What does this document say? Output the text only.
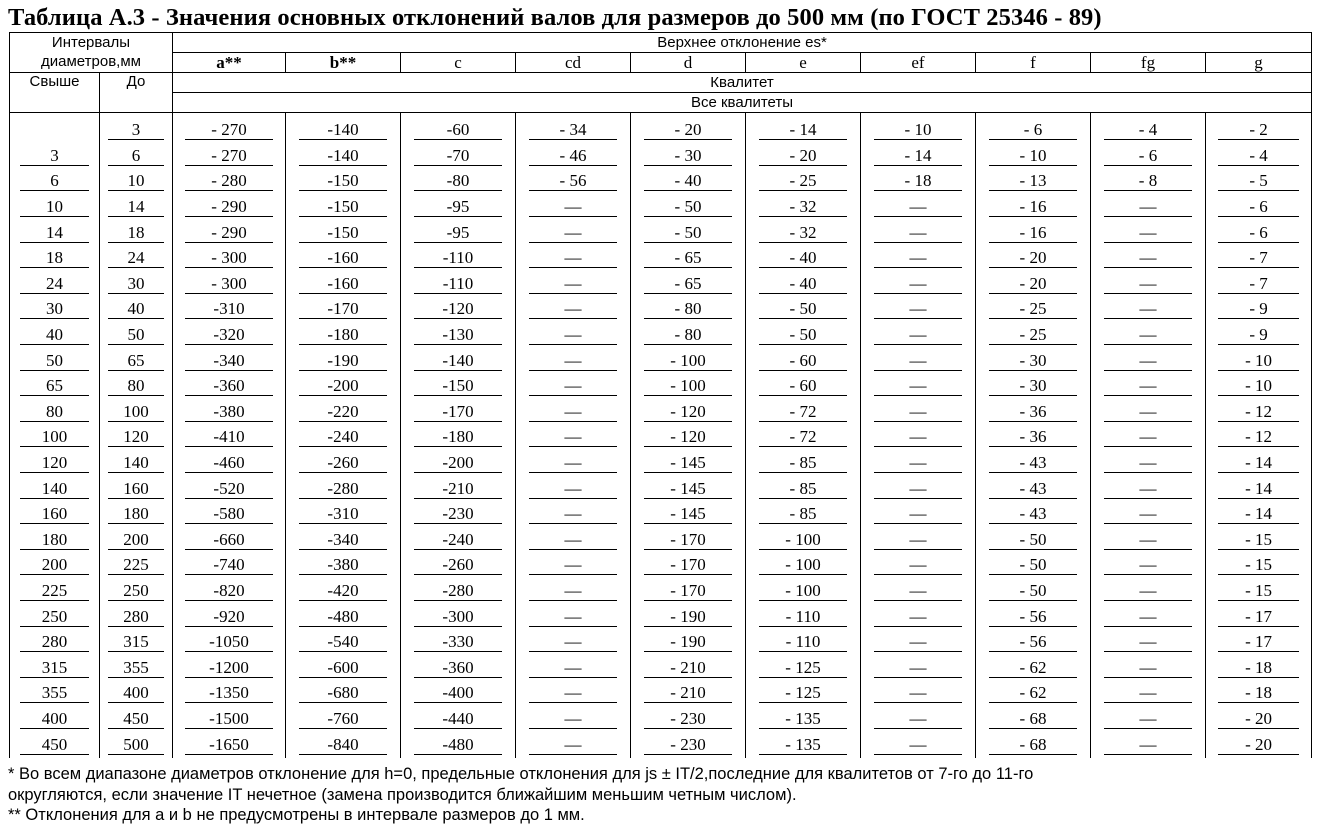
Таблица А.3 - Значения основных отклонений валов для размеров до 500 мм (по ГОСТ 25346 - 89)
Интервалы диаметров,мм		Верхнее отклонение es*									
		a**	b**	c	cd	d	e	ef	f	fg	g
Свыше	До	Квалитет									
		Все квалитеты									

	3	- 270	-140	-60	- 34	- 20	- 14	- 10	- 6	- 4	- 2
3	6	- 270	-140	-70	- 46	- 30	- 20	- 14	- 10	- 6	- 4
6	10	- 280	-150	-80	- 56	- 40	- 25	- 18	- 13	- 8	- 5
10	14	- 290	-150	-95	—	- 50	- 32	—	- 16	—	- 6
14	18	- 290	-150	-95	—	- 50	- 32	—	- 16	—	- 6
18	24	- 300	-160	-110	—	- 65	- 40	—	- 20	—	- 7
24	30	- 300	-160	-110	—	- 65	- 40	—	- 20	—	- 7
30	40	-310	-170	-120	—	- 80	- 50	—	- 25	—	- 9
40	50	-320	-180	-130	—	- 80	- 50	—	- 25	—	- 9
50	65	-340	-190	-140	—	- 100	- 60	—	- 30	—	- 10
65	80	-360	-200	-150	—	- 100	- 60	—	- 30	—	- 10
80	100	-380	-220	-170	—	- 120	- 72	—	- 36	—	- 12
100	120	-410	-240	-180	—	- 120	- 72	—	- 36	—	- 12
120	140	-460	-260	-200	—	- 145	- 85	—	- 43	—	- 14
140	160	-520	-280	-210	—	- 145	- 85	—	- 43	—	- 14
160	180	-580	-310	-230	—	- 145	- 85	—	- 43	—	- 14
180	200	-660	-340	-240	—	- 170	- 100	—	- 50	—	- 15
200	225	-740	-380	-260	—	- 170	- 100	—	- 50	—	- 15
225	250	-820	-420	-280	—	- 170	- 100	—	- 50	—	- 15
250	280	-920	-480	-300	—	- 190	- 110	—	- 56	—	- 17
280	315	-1050	-540	-330	—	- 190	- 110	—	- 56	—	- 17
315	355	-1200	-600	-360	—	- 210	- 125	—	- 62	—	- 18
355	400	-1350	-680	-400	—	- 210	- 125	—	- 62	—	- 18
400	450	-1500	-760	-440	—	- 230	- 135	—	- 68	—	- 20
450	500	-1650	-840	-480	—	- 230	- 135	—	- 68	—	- 20
* Во всем диапазоне диаметров отклонение для h=0, предельные отклонения для js ± IT/2,последние для квалитетов от 7-го до 11-го
округляются, если значение IT нечетное (замена производится ближайшим меньшим четным числом).
** Отклонения для a и b не предусмотрены в интервале размеров до 1 мм.
